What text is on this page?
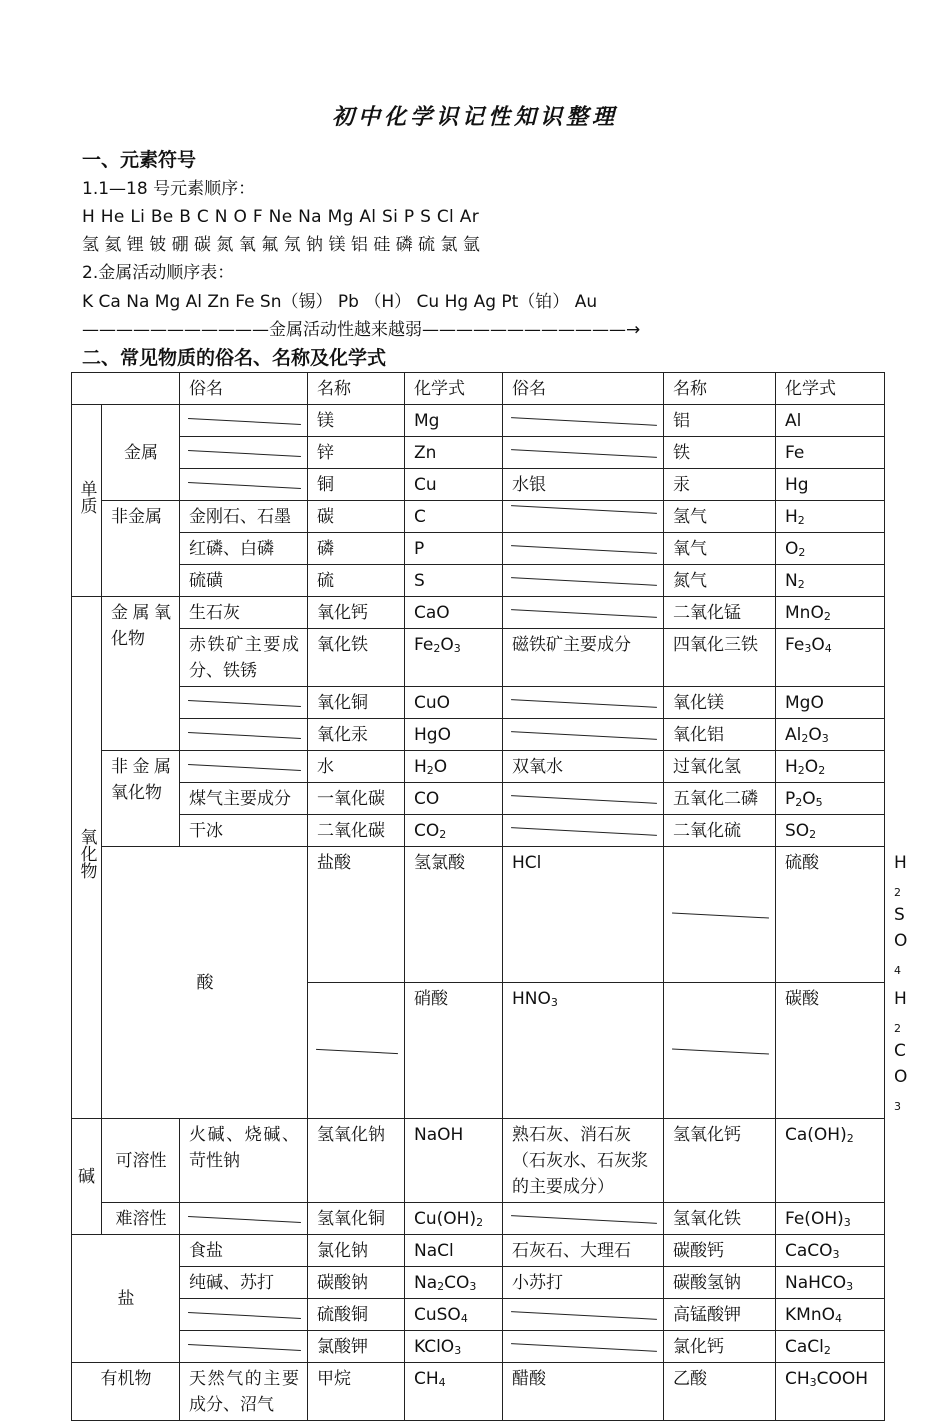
初中化学识记性知识整理
一、元素符号
1.1—18 号元素顺序：
H He Li Be B C N O F Ne Na Mg Al Si P S Cl Ar
氢 氦 锂 铍 硼 碳 氮 氧 氟 氖 钠 镁 铝 硅 磷 硫 氯 氩
2.金属活动顺序表：
K Ca Na Mg Al Zn Fe Sn（锡） Pb （H） Cu Hg Ag Pt（铂） Au
———————————金属活动性越来越弱————————————→
二、常见物质的俗名、名称及化学式
		俗名	名称	化学式	俗名	名称	化学式	
单质	金属		镁	Mg		铝	Al	

			锌	Zn		铁	Fe	

			铜	Cu	水银	汞	Hg	
	非金属	金刚石、石墨	碳	C		氢气	$H_2$
		红磷、白磷	磷	P		氧气	$O_2$
		硫磺	硫	S		氮气	$N_2$
氧化物	金属氧化物	生石灰	氧化钙	CaO		二氧化锰	MnO$_2$
		赤铁矿主要成分、铁锈	氧化铁	$Fe_2O_3$	磁铁矿主要成分	四氧化三铁	$Fe_3O_4$

			氧化铜	CuO		氧化镁	MgO	

			氧化汞	HgO		氧化铝	$Al_2O_3$
	非金属氧化物		水	$H_2O$	双氧水	过氧化氢	$H_2O_2$
		煤气主要成分	一氧化碳	CO		五氧化二磷	$P_2O_5$
		干冰	二氧化碳	$CO_2$		二氧化硫	$SO_2$
	酸		盐酸	氢氯酸	HCl		硫酸	$H_2SO_4$

				硝酸	$HNO_3$		碳酸	$H_2CO_3$
碱	可溶性	火碱、烧碱、苛性钠	氢氧化钠	NaOH	熟石灰、消石灰（石灰水、石灰浆的主要成分）	氢氧化钙	$Ca(OH)_2$
	难溶性		氢氧化铜	$Cu(OH)_2$		氢氧化铁	$Fe(OH)_3$
盐		食盐	氯化钠	NaCl	石灰石、大理石	碳酸钙	CaCO$_3$
		纯碱、苏打	碳酸钠	$Na_2CO_3$	小苏打	碳酸氢钠	NaHCO$_3$

			硫酸铜	CuSO$_4$		高锰酸钾	KMnO$_4$

			氯酸钾	KClO$_3$		氯化钙	CaCl$_2$
有机物		天然气的主要成分、沼气	甲烷	$CH_4$	醋酸	乙酸	$CH_3COOH$	
